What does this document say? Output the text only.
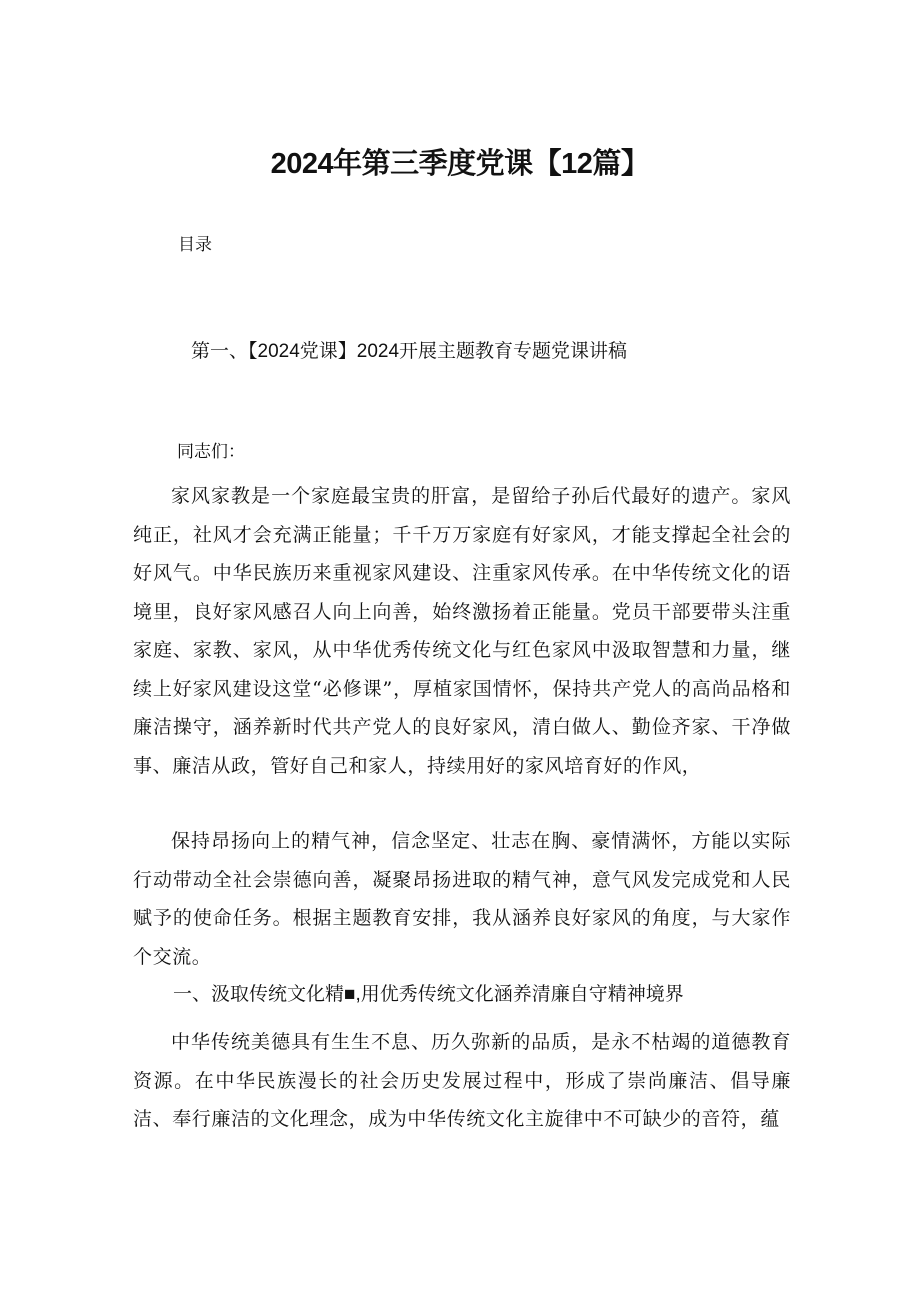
2024年第三季度党课【12篇】
目录
第一、【2024党课】2024开展主题教育专题党课讲稿
同志们：

家风家教是一个家庭最宝贵的肝富，是留给子孙后代最好的遗产。家风纯正，社风才会充满正能量；千千万万家庭有好家风，才能支撑起全社会的好风气。中华民族历来重视家风建设、注重家风传承。在中华传统文化的语境里，良好家风感召人向上向善，始终激扬着正能量。党员干部要带头注重家庭、家教、家风，从中华优秀传统文化与红色家风中汲取智慧和力量，继续上好家风建设这堂“必修课”，厚植家国情怀，保持共产党人的高尚品格和廉洁操守，涵养新时代共产党人的良好家风，清白做人、勤俭齐家、干净做事、廉洁从政，管好自己和家人，持续用好的家风培育好的作风，

保持昂扬向上的精气神，信念坚定、壮志在胸、豪情满怀，方能以实际行动带动全社会崇德向善，凝聚昂扬进取的精气神，意气风发完成党和人民赋予的使命任务。根据主题教育安排，我从涵养良好家风的角度，与大家作个交流。

一、汲取传统文化精■,用优秀传统文化涵养清廉自守精神境界

中华传统美德具有生生不息、历久弥新的品质，是永不枯竭的道德教育资源。在中华民族漫长的社会历史发展过程中，形成了崇尚廉洁、倡导廉洁、奉行廉洁的文化理念，成为中华传统文化主旋律中不可缺少的音符，蕴
